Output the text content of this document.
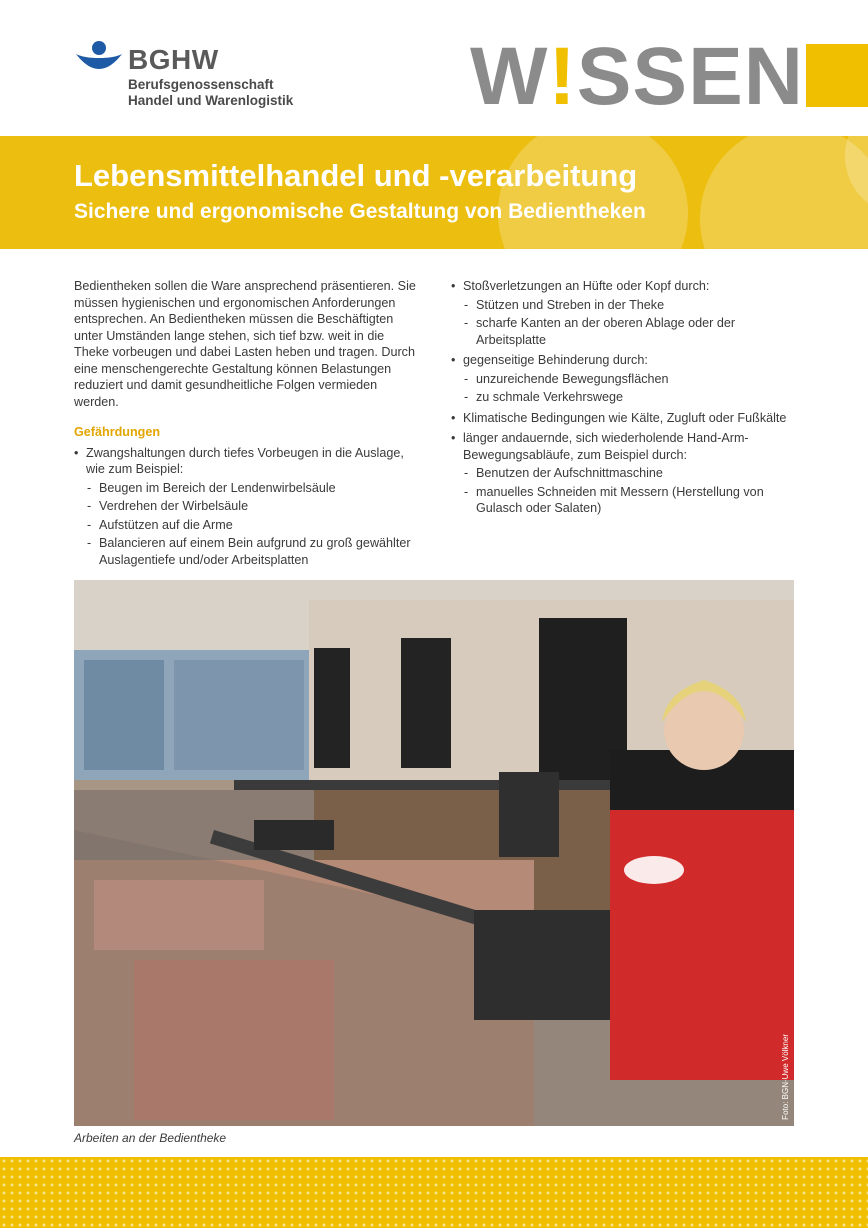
BGHW
Berufsgenossenschaft
Handel und Warenlogistik W!SSEN
Lebensmittelhandel und -verarbeitung
Sichere und ergonomische Gestaltung von Bedientheken

Bedientheken sollen die Ware ansprechend präsentieren. Sie müssen hygienischen und ergonomischen Anforderungen entsprechen. An Bedientheken müssen die Beschäftigten unter Umständen lange stehen, sich tief bzw. weit in die Theke vorbeugen und dabei Lasten heben und tragen. Durch eine menschengerechte Gestaltung können Belastungen reduziert und damit gesundheitliche Folgen vermieden werden.

Gefährdungen
• Zwangshaltungen durch tiefes Vorbeugen in die Auslage, wie zum Beispiel:
- Beugen im Bereich der Lendenwirbelsäule
- Verdrehen der Wirbelsäule
- Aufstützen auf die Arme
- Balancieren auf einem Bein aufgrund zu groß gewählter Auslagentiefe und/oder Arbeitsplatten
• Stoßverletzungen an Hüfte oder Kopf durch:
- Stützen und Streben in der Theke
- scharfe Kanten an der oberen Ablage oder der Arbeitsplatte
• gegenseitige Behinderung durch:
- unzureichende Bewegungsflächen
- zu schmale Verkehrswege
• Klimatische Bedingungen wie Kälte, Zugluft oder Fußkälte
• länger andauernde, sich wiederholende Hand-Arm-Bewegungsabläufe, zum Beispiel durch:
- Benutzen der Aufschnittmaschine
- manuelles Schneiden mit Messern (Herstellung von Gulasch oder Salaten)
Foto: BGN-Uwe Völkner
Arbeiten an der Bedientheke
